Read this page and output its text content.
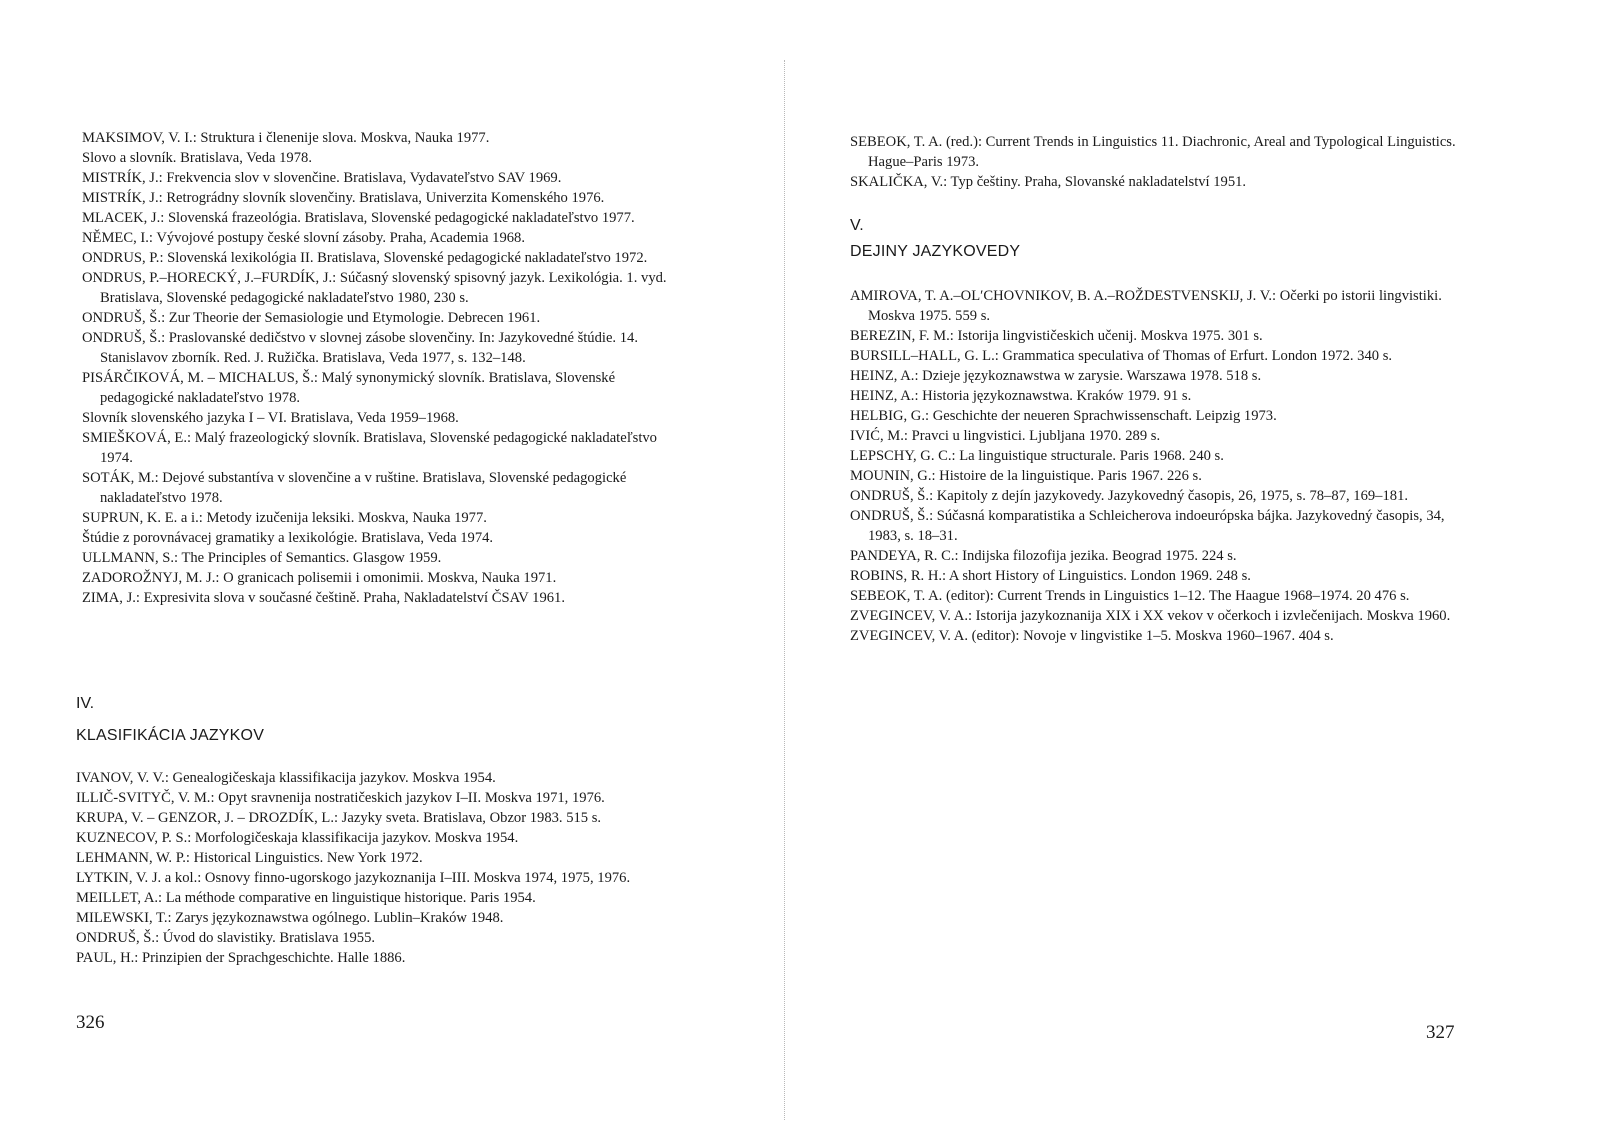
MAKSIMOV, V. I.: Struktura i členenije slova. Moskva, Nauka 1977.

Slovo a slovník. Bratislava, Veda 1978.

MISTRÍK, J.: Frekvencia slov v slovenčine. Bratislava, Vydavateľstvo SAV 1969.

MISTRÍK, J.: Retrográdny slovník slovenčiny. Bratislava, Univerzita Komenského 1976.

MLACEK, J.: Slovenská frazeológia. Bratislava, Slovenské pedagogické nakladateľstvo 1977.

NĚMEC, I.: Vývojové postupy české slovní zásoby. Praha, Academia 1968.

ONDRUS, P.: Slovenská lexikológia II. Bratislava, Slovenské pedagogické nakladateľstvo 1972.

ONDRUS, P.–HORECKÝ, J.–FURDÍK, J.: Súčasný slovenský spisovný jazyk. Lexikológia. 1. vyd. Bratislava, Slovenské pedagogické nakladateľstvo 1980, 230 s.

ONDRUŠ, Š.: Zur Theorie der Semasiologie und Etymologie. Debrecen 1961.

ONDRUŠ, Š.: Praslovanské dedičstvo v slovnej zásobe slovenčiny. In: Jazykovedné štúdie. 14. Stanislavov zborník. Red. J. Ružička. Bratislava, Veda 1977, s. 132–148.

PISÁRČIKOVÁ, M. – MICHALUS, Š.: Malý synonymický slovník. Bratislava, Slovenské pedagogické nakladateľstvo 1978.

Slovník slovenského jazyka I – VI. Bratislava, Veda 1959–1968.

SMIEŠKOVÁ, E.: Malý frazeologický slovník. Bratislava, Slovenské pedagogické nakladateľstvo 1974.

SOTÁK, M.: Dejové substantíva v slovenčine a v ruštine. Bratislava, Slovenské pedagogické nakladateľstvo 1978.

SUPRUN, K. E. a i.: Metody izučenija leksiki. Moskva, Nauka 1977.

Štúdie z porovnávacej gramatiky a lexikológie. Bratislava, Veda 1974.

ULLMANN, S.: The Principles of Semantics. Glasgow 1959.

ZADOROŽNYJ, M. J.: O granicach polisemii i omonimii. Moskva, Nauka 1971.

ZIMA, J.: Expresivita slova v současné češtině. Praha, Nakladatelství ČSAV 1961.

IV.

KLASIFIKÁCIA JAZYKOV

IVANOV, V. V.: Genealogičeskaja klassifikacija jazykov. Moskva 1954.

ILLIČ-SVITYČ, V. M.: Opyt sravnenija nostratičeskich jazykov I–II. Moskva 1971, 1976.

KRUPA, V. – GENZOR, J. – DROZDÍK, L.: Jazyky sveta. Bratislava, Obzor 1983. 515 s.

KUZNECOV, P. S.: Morfologičeskaja klassifikacija jazykov. Moskva 1954.

LEHMANN, W. P.: Historical Linguistics. New York 1972.

LYTKIN, V. J. a kol.: Osnovy finno-ugorskogo jazykoznanija I–III. Moskva 1974, 1975, 1976.

MEILLET, A.: La méthode comparative en linguistique historique. Paris 1954.

MILEWSKI, T.: Zarys językoznawstwa ogólnego. Lublin–Kraków 1948.

ONDRUŠ, Š.: Úvod do slavistiky. Bratislava 1955.

PAUL, H.: Prinzipien der Sprachgeschichte. Halle 1886.

326

SEBEOK, T. A. (red.): Current Trends in Linguistics 11. Diachronic, Areal and Typological Linguistics. Hague–Paris 1973.

SKALIČKA, V.: Typ češtiny. Praha, Slovanské nakladatelství 1951.

V.

DEJINY JAZYKOVEDY

AMIROVA, T. A.–OLʹCHOVNIKOV, B. A.–ROŽDESTVENSKIJ, J. V.: Očerki po istorii lingvistiki. Moskva 1975. 559 s.

BEREZIN, F. M.: Istorija lingvističeskich učenij. Moskva 1975. 301 s.

BURSILL–HALL, G. L.: Grammatica speculativa of Thomas of Erfurt. London 1972. 340 s.

HEINZ, A.: Dzieje językoznawstwa w zarysie. Warszawa 1978. 518 s.

HEINZ, A.: Historia językoznawstwa. Kraków 1979. 91 s.

HELBIG, G.: Geschichte der neueren Sprachwissenschaft. Leipzig 1973.

IVIĆ, M.: Pravci u lingvistici. Ljubljana 1970. 289 s.

LEPSCHY, G. C.: La linguistique structurale. Paris 1968. 240 s.

MOUNIN, G.: Histoire de la linguistique. Paris 1967. 226 s.

ONDRUŠ, Š.: Kapitoly z dejín jazykovedy. Jazykovedný časopis, 26, 1975, s. 78–87, 169–181.

ONDRUŠ, Š.: Súčasná komparatistika a Schleicherova indoeurópska bájka. Jazykovedný časopis, 34, 1983, s. 18–31.

PANDEYA, R. C.: Indijska filozofija jezika. Beograd 1975. 224 s.

ROBINS, R. H.: A short History of Linguistics. London 1969. 248 s.

SEBEOK, T. A. (editor): Current Trends in Linguistics 1–12. The Haague 1968–1974. 20 476 s.

ZVEGINCEV, V. A.: Istorija jazykoznanija XIX i XX vekov v očerkoch i izvlečenijach. Moskva 1960.

ZVEGINCEV, V. A. (editor): Novoje v lingvistike 1–5. Moskva 1960–1967. 404 s.

327
